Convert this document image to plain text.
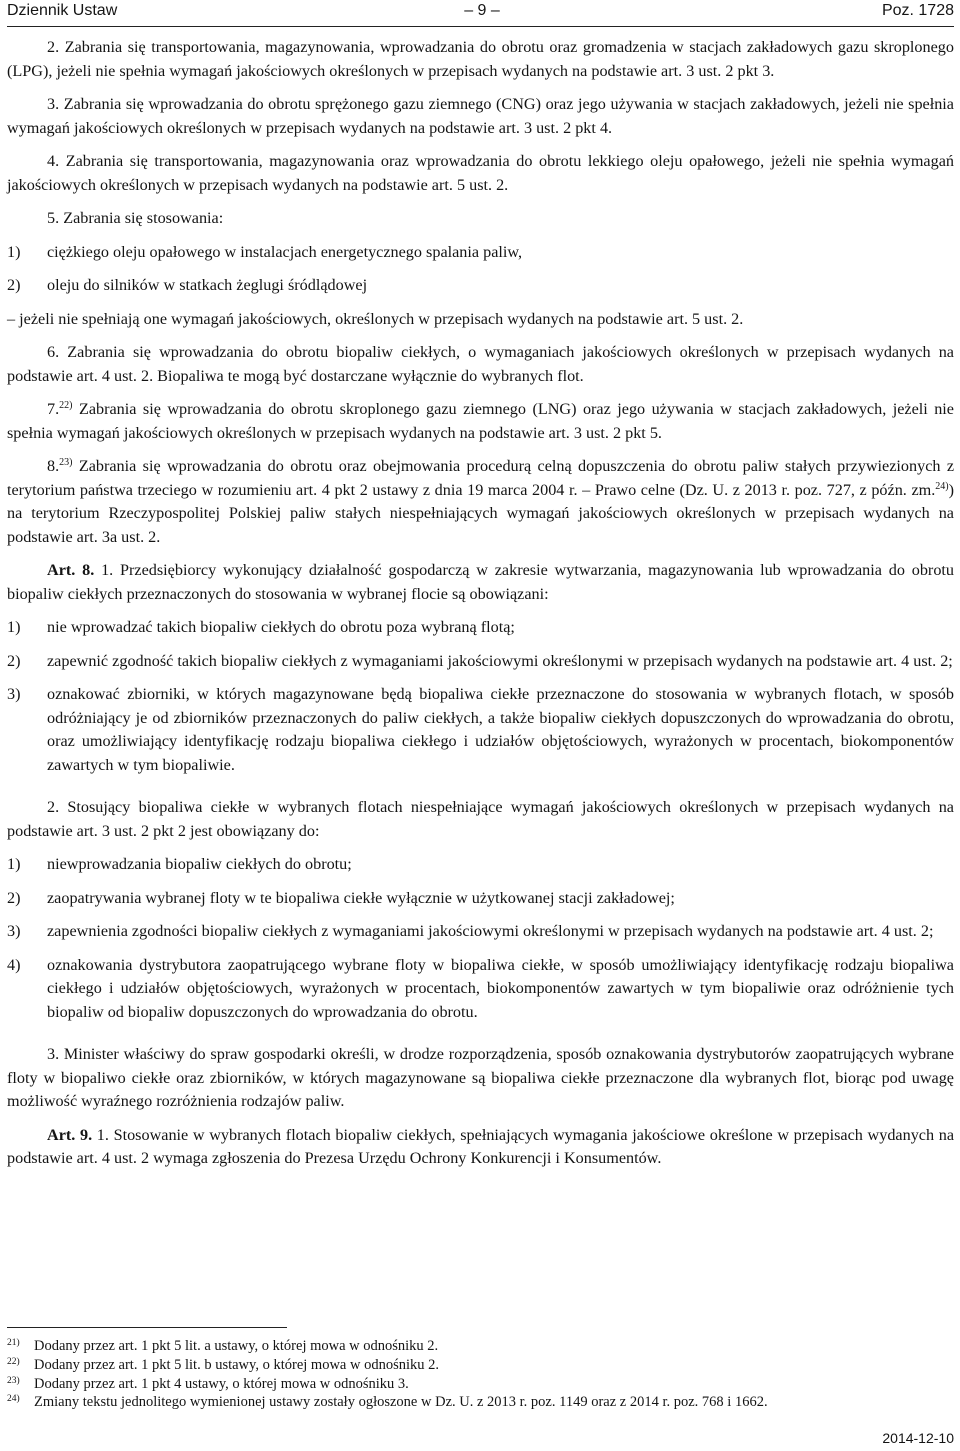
Dziennik Ustaw	– 9 –	Poz. 1728

2. Zabrania się transportowania, magazynowania, wprowadzania do obrotu oraz gromadzenia w stacjach zakładowych gazu skroplonego (LPG), jeżeli nie spełnia wymagań jakościowych określonych w przepisach wydanych na podstawie art. 3 ust. 2 pkt 3.

3. Zabrania się wprowadzania do obrotu sprężonego gazu ziemnego (CNG) oraz jego używania w stacjach zakładowych, jeżeli nie spełnia wymagań jakościowych określonych w przepisach wydanych na podstawie art. 3 ust. 2 pkt 4.

4. Zabrania się transportowania, magazynowania oraz wprowadzania do obrotu lekkiego oleju opałowego, jeżeli nie spełnia wymagań jakościowych określonych w przepisach wydanych na podstawie art. 5 ust. 2.

5. Zabrania się stosowania:

1) ciężkiego oleju opałowego w instalacjach energetycznego spalania paliw,
2) oleju do silników w statkach żeglugi śródlądowej

– jeżeli nie spełniają one wymagań jakościowych, określonych w przepisach wydanych na podstawie art. 5 ust. 2.

6. Zabrania się wprowadzania do obrotu biopaliw ciekłych, o wymaganiach jakościowych określonych w przepisach wydanych na podstawie art. 4 ust. 2. Biopaliwa te mogą być dostarczane wyłącznie do wybranych flot.

7.$^{22)}$ Zabrania się wprowadzania do obrotu skroplonego gazu ziemnego (LNG) oraz jego używania w stacjach zakładowych, jeżeli nie spełnia wymagań jakościowych określonych w przepisach wydanych na podstawie art. 3 ust. 2 pkt 5.

8.$^{23)}$ Zabrania się wprowadzania do obrotu oraz obejmowania procedurą celną dopuszczenia do obrotu paliw stałych przywiezionych z terytorium państwa trzeciego w rozumieniu art. 4 pkt 2 ustawy z dnia 19 marca 2004 r. – Prawo celne (Dz. U. z 2013 r. poz. 727, z późn. zm.$^{24)}$) na terytorium Rzeczypospolitej Polskiej paliw stałych niespełniających wymagań jakościowych określonych w przepisach wydanych na podstawie art. 3a ust. 2.

Art. 8. 1. Przedsiębiorcy wykonujący działalność gospodarczą w zakresie wytwarzania, magazynowania lub wprowadzania do obrotu biopaliw ciekłych przeznaczonych do stosowania w wybranej flocie są obowiązani:

1) nie wprowadzać takich biopaliw ciekłych do obrotu poza wybraną flotą;
2) zapewnić zgodność takich biopaliw ciekłych z wymaganiami jakościowymi określonymi w przepisach wydanych na podstawie art. 4 ust. 2;
3) oznakować zbiorniki, w których magazynowane będą biopaliwa ciekłe przeznaczone do stosowania w wybranych flotach, w sposób odróżniający je od zbiorników przeznaczonych do paliw ciekłych, a także biopaliw ciekłych dopuszczonych do wprowadzania do obrotu, oraz umożliwiający identyfikację rodzaju biopaliwa ciekłego i udziałów objętościowych, wyrażonych w procentach, biokomponentów zawartych w tym biopaliwie.

2. Stosujący biopaliwa ciekłe w wybranych flotach niespełniające wymagań jakościowych określonych w przepisach wydanych na podstawie art. 3 ust. 2 pkt 2 jest obowiązany do:

1) niewprowadzania biopaliw ciekłych do obrotu;
2) zaopatrywania wybranej floty w te biopaliwa ciekłe wyłącznie w użytkowanej stacji zakładowej;
3) zapewnienia zgodności biopaliw ciekłych z wymaganiami jakościowymi określonymi w przepisach wydanych na podstawie art. 4 ust. 2;
4) oznakowania dystrybutora zaopatrującego wybrane floty w biopaliwa ciekłe, w sposób umożliwiający identyfikację rodzaju biopaliwa ciekłego i udziałów objętościowych, wyrażonych w procentach, biokomponentów zawartych w tym biopaliwie oraz odróżnienie tych biopaliw od biopaliw dopuszczonych do wprowadzania do obrotu.

3. Minister właściwy do spraw gospodarki określi, w drodze rozporządzenia, sposób oznakowania dystrybutorów zaopatrujących wybrane floty w biopaliwo ciekłe oraz zbiorników, w których magazynowane są biopaliwa ciekłe przeznaczone dla wybranych flot, biorąc pod uwagę możliwość wyraźnego rozróżnienia rodzajów paliw.

Art. 9. 1. Stosowanie w wybranych flotach biopaliw ciekłych, spełniających wymagania jakościowe określone w przepisach wydanych na podstawie art. 4 ust. 2 wymaga zgłoszenia do Prezesa Urzędu Ochrony Konkurencji i Konsumentów.

21) Dodany przez art. 1 pkt 5 lit. a ustawy, o której mowa w odnośniku 2.
22) Dodany przez art. 1 pkt 5 lit. b ustawy, o której mowa w odnośniku 2.
23) Dodany przez art. 1 pkt 4 ustawy, o której mowa w odnośniku 3.
24) Zmiany tekstu jednolitego wymienionej ustawy zostały ogłoszone w Dz. U. z 2013 r. poz. 1149 oraz z 2014 r. poz. 768 i 1662.
2014-12-10
